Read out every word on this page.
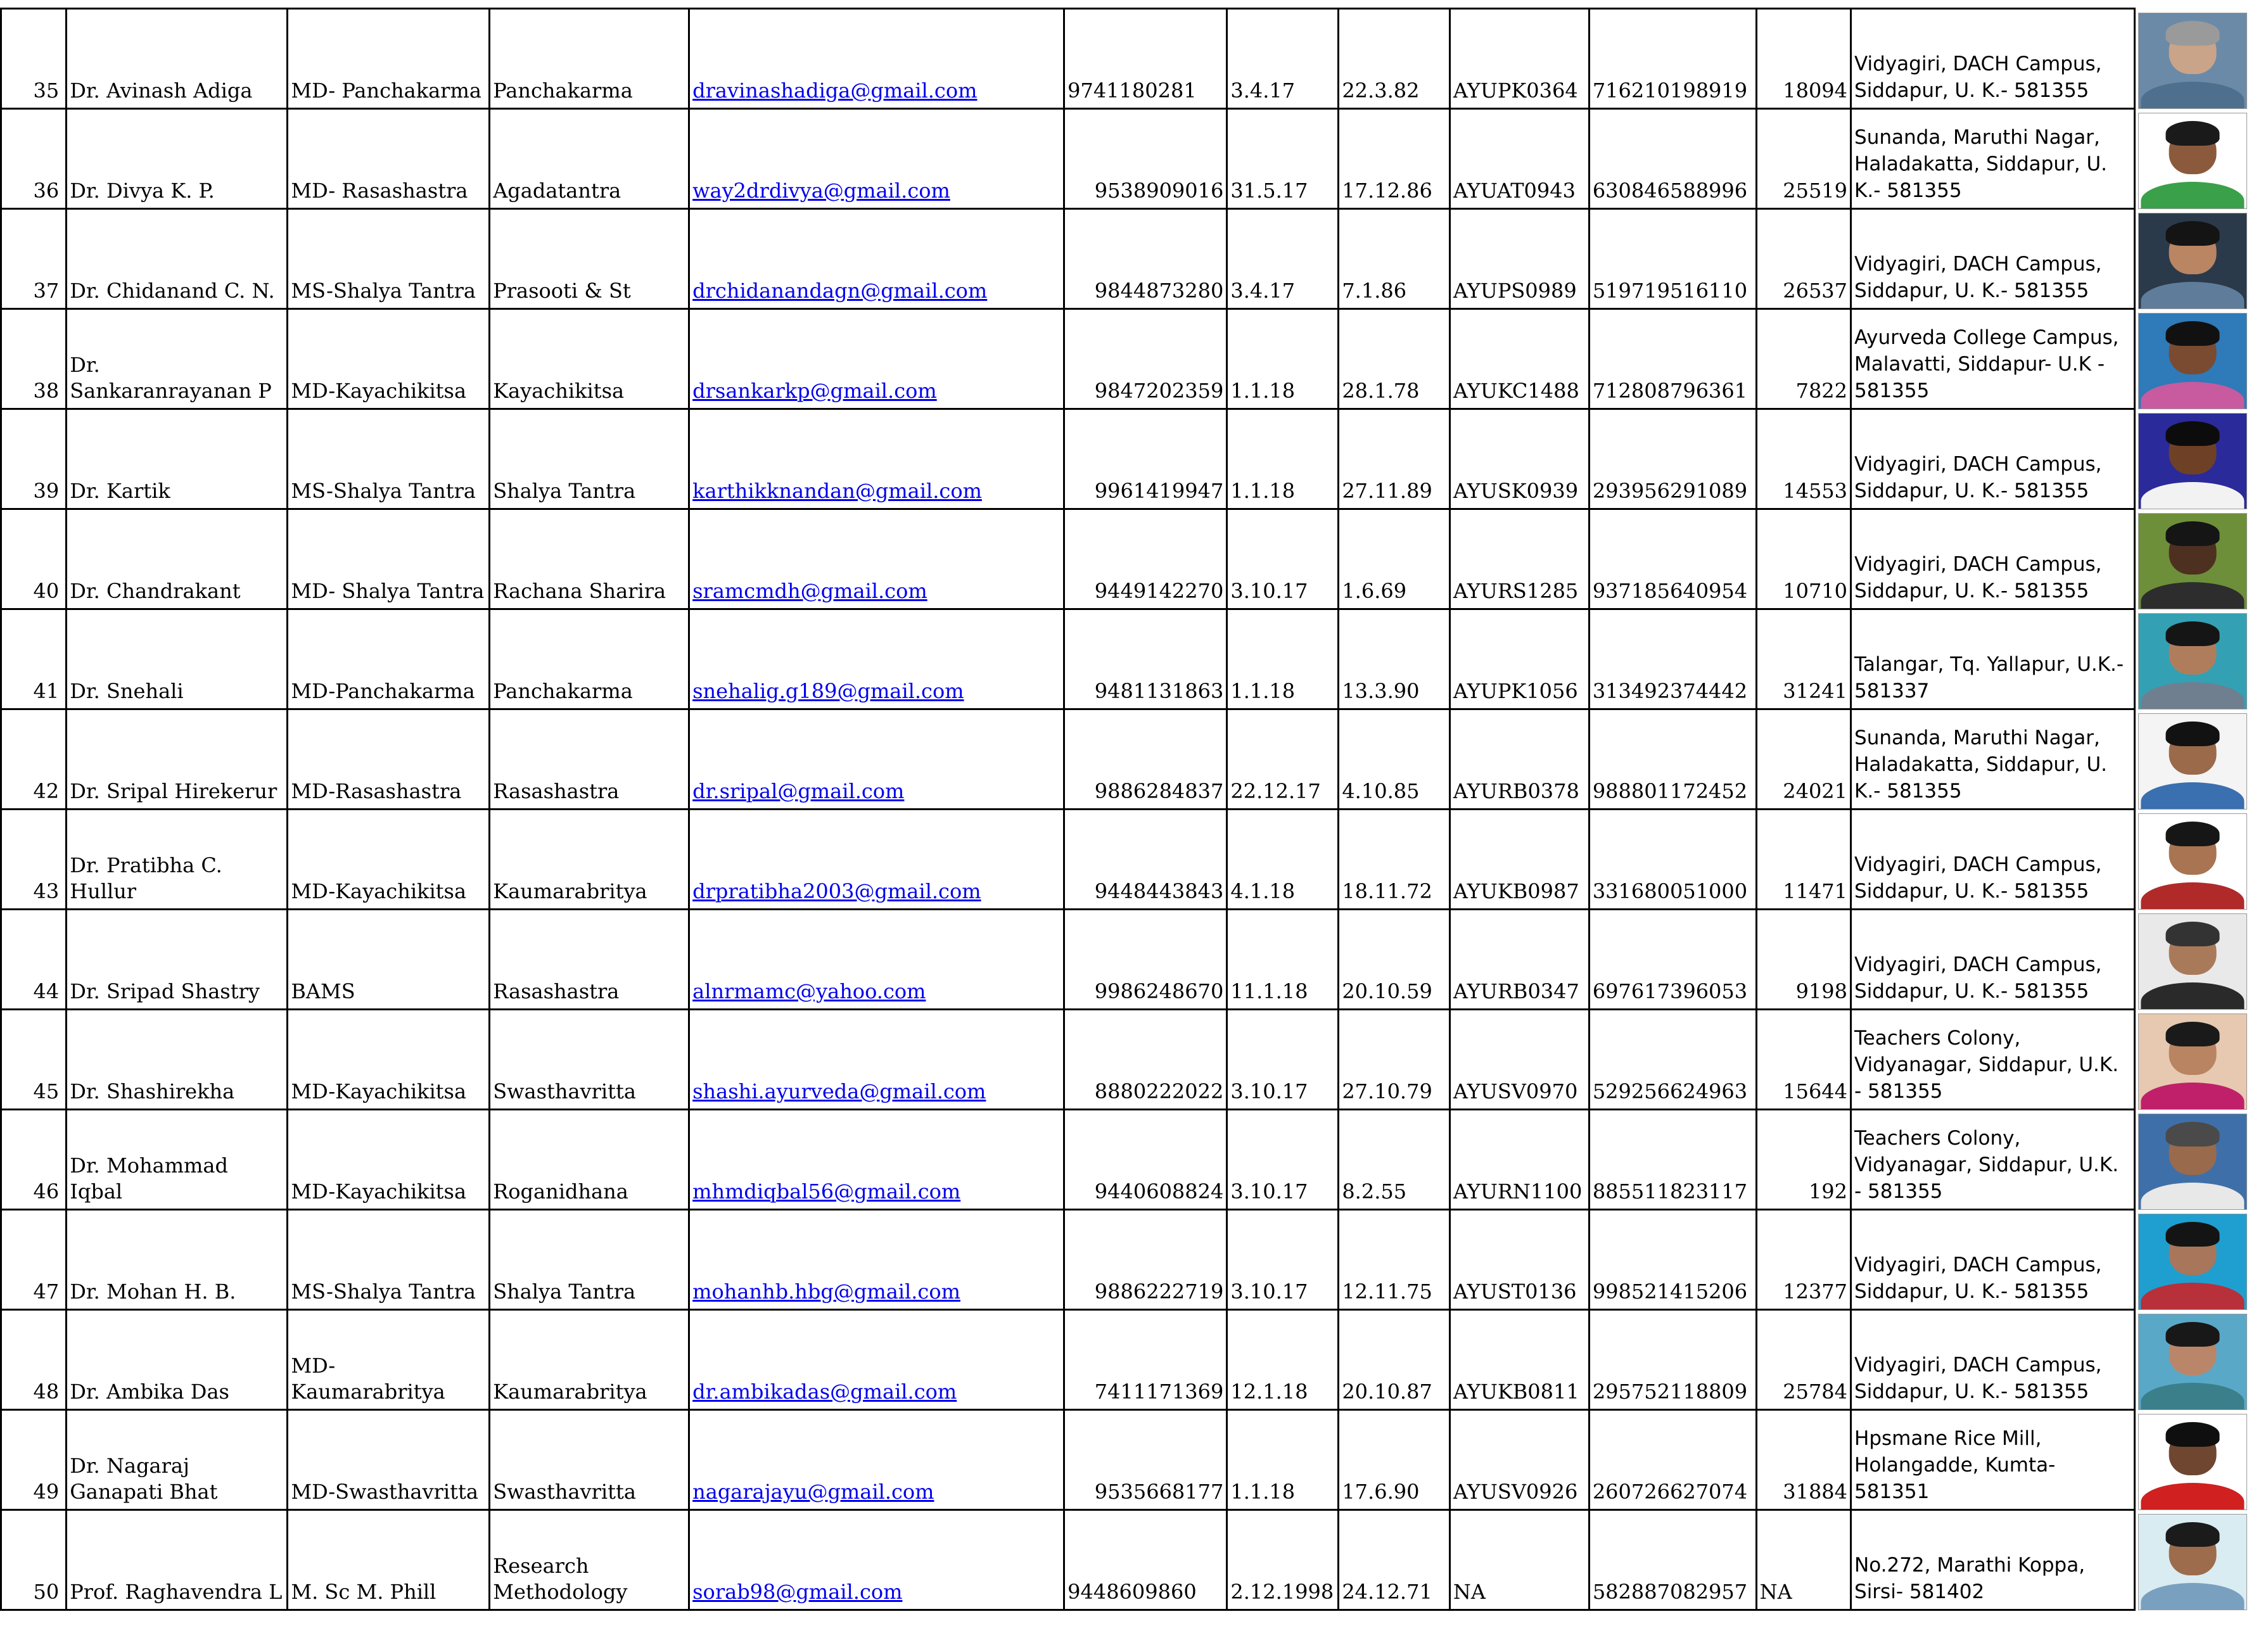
35	Dr. Avinash Adiga	MD- Panchakarma	Panchakarma	dravinashadiga@gmail.com	9741180281	3.4.17	22.3.82	AYUPK0364	716210198919	18094	Vidyagiri, DACH Campus, Siddapur, U. K.- 581355	

36	Dr. Divya K. P.	MD- Rasashastra	Agadatantra	way2drdivya@gmail.com	9538909016	31.5.17	17.12.86	AYUAT0943	630846588996	25519	Sunanda, Maruthi Nagar, Haladakatta, Siddapur, U. K.- 581355	

37	Dr. Chidanand C. N.	MS-Shalya Tantra	Prasooti & St	drchidanandagn@gmail.com	9844873280	3.4.17	7.1.86	AYUPS0989	519719516110	26537	Vidyagiri, DACH Campus, Siddapur, U. K.- 581355	

38	Dr. Sankaranrayanan P	MD-Kayachikitsa	Kayachikitsa	drsankarkp@gmail.com	9847202359	1.1.18	28.1.78	AYUKC1488	712808796361	7822	Ayurveda College Campus, Malavatti, Siddapur- U.K - 581355	

39	Dr. Kartik	MS-Shalya Tantra	Shalya Tantra	karthikknandan@gmail.com	9961419947	1.1.18	27.11.89	AYUSK0939	293956291089	14553	Vidyagiri, DACH Campus, Siddapur, U. K.- 581355	

40	Dr. Chandrakant	MD- Shalya Tantra	Rachana Sharira	sramcmdh@gmail.com	9449142270	3.10.17	1.6.69	AYURS1285	937185640954	10710	Vidyagiri, DACH Campus, Siddapur, U. K.- 581355	

41	Dr. Snehali	MD-Panchakarma	Panchakarma	snehalig.g189@gmail.com	9481131863	1.1.18	13.3.90	AYUPK1056	313492374442	31241	Talangar, Tq. Yallapur, U.K.- 581337	

42	Dr. Sripal Hirekerur	MD-Rasashastra	Rasashastra	dr.sripal@gmail.com	9886284837	22.12.17	4.10.85	AYURB0378	988801172452	24021	Sunanda, Maruthi Nagar, Haladakatta, Siddapur, U. K.- 581355	

43	Dr. Pratibha C. Hullur	MD-Kayachikitsa	Kaumarabritya	drpratibha2003@gmail.com	9448443843	4.1.18	18.11.72	AYUKB0987	331680051000	11471	Vidyagiri, DACH Campus, Siddapur, U. K.- 581355	

44	Dr. Sripad Shastry	BAMS	Rasashastra	alnrmamc@yahoo.com	9986248670	11.1.18	20.10.59	AYURB0347	697617396053	9198	Vidyagiri, DACH Campus, Siddapur, U. K.- 581355	

45	Dr. Shashirekha	MD-Kayachikitsa	Swasthavritta	shashi.ayurveda@gmail.com	8880222022	3.10.17	27.10.79	AYUSV0970	529256624963	15644	Teachers Colony, Vidyanagar, Siddapur, U.K. - 581355	

46	Dr. Mohammad Iqbal	MD-Kayachikitsa	Roganidhana	mhmdiqbal56@gmail.com	9440608824	3.10.17	8.2.55	AYURN1100	885511823117	192	Teachers Colony, Vidyanagar, Siddapur, U.K. - 581355	

47	Dr. Mohan H. B.	MS-Shalya Tantra	Shalya Tantra	mohanhb.hbg@gmail.com	9886222719	3.10.17	12.11.75	AYUST0136	998521415206	12377	Vidyagiri, DACH Campus, Siddapur, U. K.- 581355	

48	Dr. Ambika Das	MD-Kaumarabritya	Kaumarabritya	dr.ambikadas@gmail.com	7411171369	12.1.18	20.10.87	AYUKB0811	295752118809	25784	Vidyagiri, DACH Campus, Siddapur, U. K.- 581355	

49	Dr. Nagaraj Ganapati Bhat	MD-Swasthavritta	Swasthavritta	nagarajayu@gmail.com	9535668177	1.1.18	17.6.90	AYUSV0926	260726627074	31884	Hpsmane Rice Mill, Holangadde, Kumta- 581351	

50	Prof. Raghavendra L	M. Sc M. Phill	Research Methodology	sorab98@gmail.com	9448609860	2.12.1998	24.12.71	NA	582887082957	NA	No.272, Marathi Koppa, Sirsi- 581402	
